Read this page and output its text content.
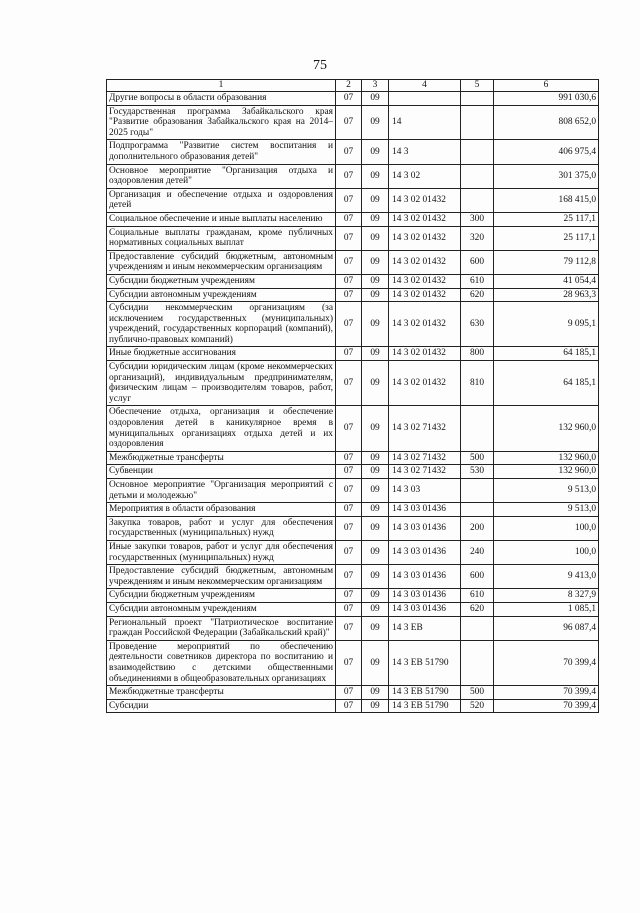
75
1	2	3	4	5	6
Другие вопросы в области образования	07	09			991 030,6
Государственная программа Забайкальского края "Развитие образования Забайкальского края на 2014–2025 годы"	07	09	14		808 652,0
Подпрограмма "Развитие систем воспитания и дополнительного образования детей"	07	09	14 3		406 975,4
Основное мероприятие "Организация отдыха и оздоровления детей"	07	09	14 3 02		301 375,0
Организация и обеспечение отдыха и оздоровления детей	07	09	14 3 02 01432		168 415,0
Социальное обеспечение и иные выплаты населению	07	09	14 3 02 01432	300	25 117,1
Социальные выплаты гражданам, кроме публичных нормативных социальных выплат	07	09	14 3 02 01432	320	25 117,1
Предоставление субсидий бюджетным, автономным учреждениям и иным некоммерческим организациям	07	09	14 3 02 01432	600	79 112,8
Субсидии бюджетным учреждениям	07	09	14 3 02 01432	610	41 054,4
Субсидии автономным учреждениям	07	09	14 3 02 01432	620	28 963,3
Субсидии некоммерческим организациям (за исключением государственных (муниципальных) учреждений, государственных корпораций (компаний), публично-правовых компаний)	07	09	14 3 02 01432	630	9 095,1
Иные бюджетные ассигнования	07	09	14 3 02 01432	800	64 185,1
Субсидии юридическим лицам (кроме некоммерческих организаций), индивидуальным предпринимателям, физическим лицам – производителям товаров, работ, услуг	07	09	14 3 02 01432	810	64 185,1
Обеспечение отдыха, организация и обеспечение оздоровления детей в каникулярное время в муниципальных организациях отдыха детей и их оздоровления	07	09	14 3 02 71432		132 960,0
Межбюджетные трансферты	07	09	14 3 02 71432	500	132 960,0
Субвенции	07	09	14 3 02 71432	530	132 960,0
Основное мероприятие "Организация мероприятий с детьми и молодежью"	07	09	14 3 03		9 513,0
Мероприятия в области образования	07	09	14 3 03 01436		9 513,0
Закупка товаров, работ и услуг для обеспечения государственных (муниципальных) нужд	07	09	14 3 03 01436	200	100,0
Иные закупки товаров, работ и услуг для обеспечения государственных (муниципальных) нужд	07	09	14 3 03 01436	240	100,0
Предоставление субсидий бюджетным, автономным учреждениям и иным некоммерческим организациям	07	09	14 3 03 01436	600	9 413,0
Субсидии бюджетным учреждениям	07	09	14 3 03 01436	610	8 327,9
Субсидии автономным учреждениям	07	09	14 3 03 01436	620	1 085,1
Региональный проект "Патриотическое воспитание граждан Российской Федерации (Забайкальский край)"	07	09	14 3 EB		96 087,4
Проведение мероприятий по обеспечению деятельности советников директора по воспитанию и взаимодействию с детскими общественными объединениями в общеобразовательных организациях	07	09	14 3 EB 51790		70 399,4
Межбюджетные трансферты	07	09	14 3 EB 51790	500	70 399,4
Субсидии	07	09	14 3 EB 51790	520	70 399,4
